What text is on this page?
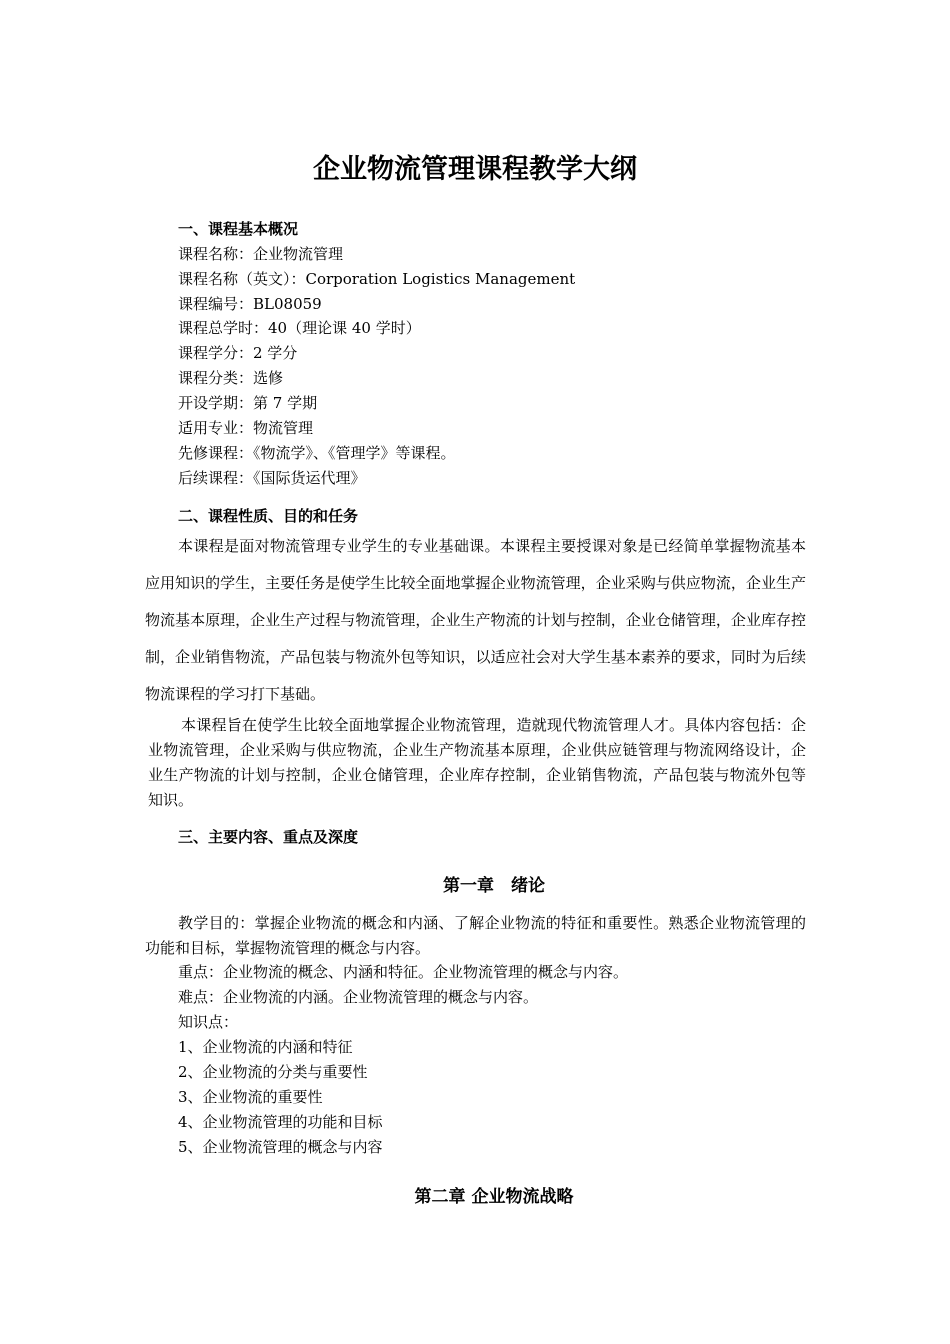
企业物流管理课程教学大纲
一、课程基本概况
课程名称：企业物流管理
课程名称（英文）：Corporation Logistics Management
课程编号：BL08059
课程总学时：40（理论课 40 学时）
课程学分：2 学分
课程分类：选修
开设学期：第 7 学期
适用专业：物流管理
先修课程：《物流学》、《管理学》等课程。
后续课程：《国际货运代理》
二、课程性质、目的和任务
本课程是面对物流管理专业学生的专业基础课。本课程主要授课对象是已经简单掌握物流基本应用知识的学生，主要任务是使学生比较全面地掌握企业物流管理，企业采购与供应物流，企业生产物流基本原理，企业生产过程与物流管理，企业生产物流的计划与控制，企业仓储管理，企业库存控制，企业销售物流，产品包装与物流外包等知识，以适应社会对大学生基本素养的要求，同时为后续物流课程的学习打下基础。
本课程旨在使学生比较全面地掌握企业物流管理，造就现代物流管理人才。具体内容包括：企业物流管理，企业采购与供应物流，企业生产物流基本原理，企业供应链管理与物流网络设计，企业生产物流的计划与控制，企业仓储管理，企业库存控制，企业销售物流，产品包装与物流外包等知识。
三、主要内容、重点及深度
第一章　绪论
教学目的：掌握企业物流的概念和内涵、了解企业物流的特征和重要性。熟悉企业物流管理的功能和目标，掌握物流管理的概念与内容。
重点：企业物流的概念、内涵和特征。企业物流管理的概念与内容。
难点：企业物流的内涵。企业物流管理的概念与内容。
知识点：
1、企业物流的内涵和特征
2、企业物流的分类与重要性
3、企业物流的重要性
4、企业物流管理的功能和目标
5、企业物流管理的概念与内容
第二章 企业物流战略
